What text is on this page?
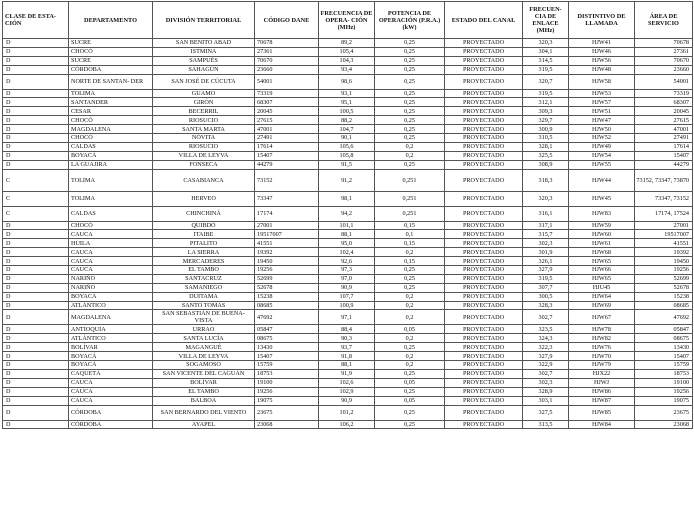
CLASE DE ESTA- CIÓN	DEPARTAMENTO	DIVISIÓN TERRITORIAL	CÓDIGO DANE	FRECUENCIA DE OPERA- CIÓN (MHz)	POTENCIA DE OPERACIÓN (P.R.A.) (kW)	ESTADO DEL CANAL	FRECUEN- CIA DE ENLACE (MHz)	DISTINTIVO DE LLAMADA	ÁREA DE SERVICIO
D	SUCRE	SAN BENITO ABAD	70678	89,2	0,25	PROYECTADO	320,3	HJW41	70678
D	CHOCÓ	ISTMINA	27361	105,4	0,25	PROYECTADO	304,1	HJW46	27361
D	SUCRE	SAMPUÉS	70670	104,3	0,25	PROYECTADO	314,5	HJW56	70670
D	CÓRDOBA	SAHAGÚN	23660	93,4	0,25	PROYECTADO	319,5	HJW48	23660
D	NORTE DE SANTAN- DER	SAN JOSÉ DE CÚCUTA	54001	98,6	0,25	PROYECTADO	320,7	HJW58	54001
D	TOLIMA	GUAMO	73319	93,1	0,25	PROYECTADO	319,5	HJW53	73319
D	SANTANDER	GIRÓN	68307	95,1	0,25	PROYECTADO	312,1	HJW57	68307
D	CESAR	BECERRIL	20045	100,5	0,25	PROYECTADO	309,3	HJW51	20045
D	CHOCÓ	RIOSUCIO	27615	88,2	0,25	PROYECTADO	329,7	HJW47	27615
D	MAGDALENA	SANTA MARTA	47001	104,7	0,25	PROYECTADO	300,9	HJW50	47001
D	CHOCÓ	NÓVITA	27491	90,1	0,25	PROYECTADO	310,5	HJW52	27491
D	CALDAS	RIOSUCIO	17614	105,6	0,2	PROYECTADO	328,1	HJW49	17614
D	BOYACÁ	VILLA DE LEYVA	15407	105,8	0,2	PROYECTADO	325,5	HJW54	15407
D	LA GUAJIRA	FONSECA	44279	91,5	0,25	PROYECTADO	308,9	HJW55	44279
C	TOLIMA	CASABIANCA	73152	91,2	0,251	PROYECTADO	318,3	HJW44	73152, 73347, 73870
C	TOLIMA	HERVEO	73347	98,1	0,251	PROYECTADO	320,3	HJW45	73347, 73152
C	CALDAS	CHINCHINÁ	17174	94,2	0,251	PROYECTADO	316,1	HJW83	17174, 17524
D	CHOCÓ	QUIBDÓ	27001	101,1	0,15	PROYECTADO	317,1	HJW59	27001
D	CAUCA	ITAIBE	19517007	88,1	0,1	PROYECTADO	315,7	HJW60	19517007
D	HUILA	PITALITO	41551	95,0	0,15	PROYECTADO	302,3	HJW61	41551
D	CAUCA	LA SIERRA	19392	102,4	0,2	PROYECTADO	301,9	HJW68	19392
D	CAUCA	MERCADERES	19450	92,6	0,15	PROYECTADO	326,1	HJW65	19450
D	CAUCA	EL TAMBO	19256	97,3	0,25	PROYECTADO	327,9	HJW66	19256
D	NARIÑO	SANTACRUZ	52699	97,0	0,25	PROYECTADO	319,5	HJW65	52699
D	NARIÑO	SAMANIEGO	52678	90,9	0,25	PROYECTADO	307,7	HJU45	52678
D	BOYACÁ	DUITAMA	15238	107,7	0,2	PROYECTADO	300,5	HJW64	15238
D	ATLÁNTICO	SANTO TOMÁS	08685	100,9	0,2	PROYECTADO	328,3	HJW69	08685
D	MAGDALENA	SAN SEBASTIÁN DE BUENA- VISTA	47692	97,1	0,2	PROYECTADO	302,7	HJW67	47692
D	ANTIOQUIA	URRAO	05847	88,4	0,05	PROYECTADO	323,5	HJW78	05847
D	ATLÁNTICO	SANTA LUCÍA	08675	90,3	0,2	PROYECTADO	324,3	HJW82	08675
D	BOLÍVAR	MAGANGUÉ	13430	93,7	0,25	PROYECTADO	322,3	HJW76	13430
D	BOYACÁ	VILLA DE LEYVA	15407	91,8	0,2	PROYECTADO	327,9	HJW70	15407
D	BOYACÁ	SOGAMOSO	15759	88,1	0,2	PROYECTADO	322,9	HJW79	15759
D	CAQUETÁ	SAN VICENTE DEL CAGUÁN	18753	91,9	0,25	PROYECTADO	302,7	HJX22	18753
D	CAUCA	BOLÍVAR	19100	102,6	0,05	PROYECTADO	302,3	HJWJ	19100
D	CAUCA	EL TAMBO	19256	102,9	0,25	PROYECTADO	328,9	HJW86	19256
D	CAUCA	BALBOA	19075	90,9	0,05	PROYECTADO	303,1	HJW87	19075
D	CÓRDOBA	SAN BERNARDO DEL VIENTO	23675	101,2	0,25	PROYECTADO	327,5	HJW85	23675
D	CÓRDOBA	AYAPEL	23068	106,2	0,25	PROYECTADO	313,5	HJW84	23068
